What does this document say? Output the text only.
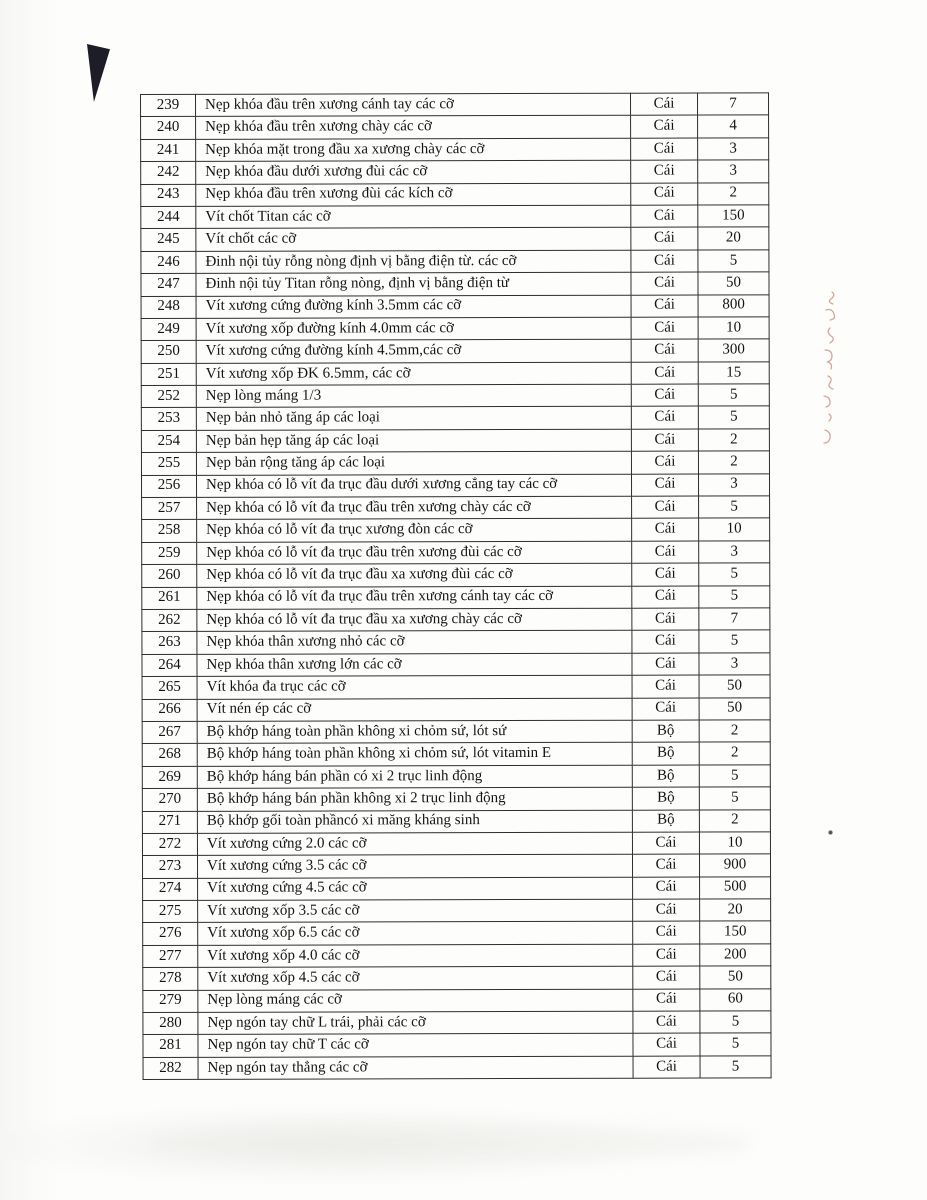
239	Nẹp khóa đầu trên xương cánh tay các cỡ	Cái	7
240	Nẹp khóa đầu trên xương chày các cỡ	Cái	4
241	Nẹp khóa mặt trong đầu xa xương chày các cỡ	Cái	3
242	Nẹp khóa đầu dưới xương đùi các cỡ	Cái	3
243	Nẹp khóa đầu trên xương đùi các kích cỡ	Cái	2
244	Vít chốt Titan các cỡ	Cái	150
245	Vít chốt các cỡ	Cái	20
246	Đinh nội tủy rỗng nòng định vị bằng điện từ. các cỡ	Cái	5
247	Đinh nội tủy Titan rỗng nòng, định vị bằng điện từ	Cái	50
248	Vít xương cứng đường kính 3.5mm các cỡ	Cái	800
249	Vít xương xốp đường kính 4.0mm các cỡ	Cái	10
250	Vít xương cứng đường kính 4.5mm,các cỡ	Cái	300
251	Vít xương xốp ĐK 6.5mm, các cỡ	Cái	15
252	Nẹp lòng máng 1/3	Cái	5
253	Nẹp bản nhỏ tăng áp các loại	Cái	5
254	Nẹp bản hẹp tăng áp các loại	Cái	2
255	Nẹp bản rộng tăng áp các loại	Cái	2
256	Nẹp khóa có lỗ vít đa trục đầu dưới xương cẳng tay các cỡ	Cái	3
257	Nẹp khóa có lỗ vít đa trục đầu trên xương chày các cỡ	Cái	5
258	Nẹp khóa có lỗ vít đa trục xương đòn các cỡ	Cái	10
259	Nẹp khóa có lỗ vít đa trục đầu trên xương đùi các cỡ	Cái	3
260	Nẹp khóa có lỗ vít đa trục đầu xa xương đùi các cỡ	Cái	5
261	Nẹp khóa có lỗ vít đa trục đầu trên xương cánh tay các cỡ	Cái	5
262	Nẹp khóa có lỗ vít đa trục đầu xa xương chày các cỡ	Cái	7
263	Nẹp khóa thân xương nhỏ các cỡ	Cái	5
264	Nẹp khóa thân xương lớn các cỡ	Cái	3
265	Vít khóa đa trục các cỡ	Cái	50
266	Vít nén ép các cỡ	Cái	50
267	Bộ khớp háng toàn phần không xi chỏm sứ, lót sứ	Bộ	2
268	Bộ khớp háng toàn phần không xi chỏm sứ, lót vitamin E	Bộ	2
269	Bộ khớp háng bán phần có xi 2 trục linh động	Bộ	5
270	Bộ khớp háng bán phần không xi 2 trục linh động	Bộ	5
271	Bộ khớp gối toàn phầncó xi măng kháng sinh	Bộ	2
272	Vít xương cứng 2.0 các cỡ	Cái	10
273	Vít xương cứng 3.5 các cỡ	Cái	900
274	Vít xương cứng 4.5 các cỡ	Cái	500
275	Vít xương xốp 3.5 các cỡ	Cái	20
276	Vít xương xốp 6.5 các cỡ	Cái	150
277	Vít xương xốp 4.0 các cỡ	Cái	200
278	Vít xương xốp 4.5 các cỡ	Cái	50
279	Nẹp lòng máng các cỡ	Cái	60
280	Nẹp ngón tay chữ L trái, phải các cỡ	Cái	5
281	Nẹp ngón tay chữ T các cỡ	Cái	5
282	Nẹp ngón tay thẳng các cỡ	Cái	5
